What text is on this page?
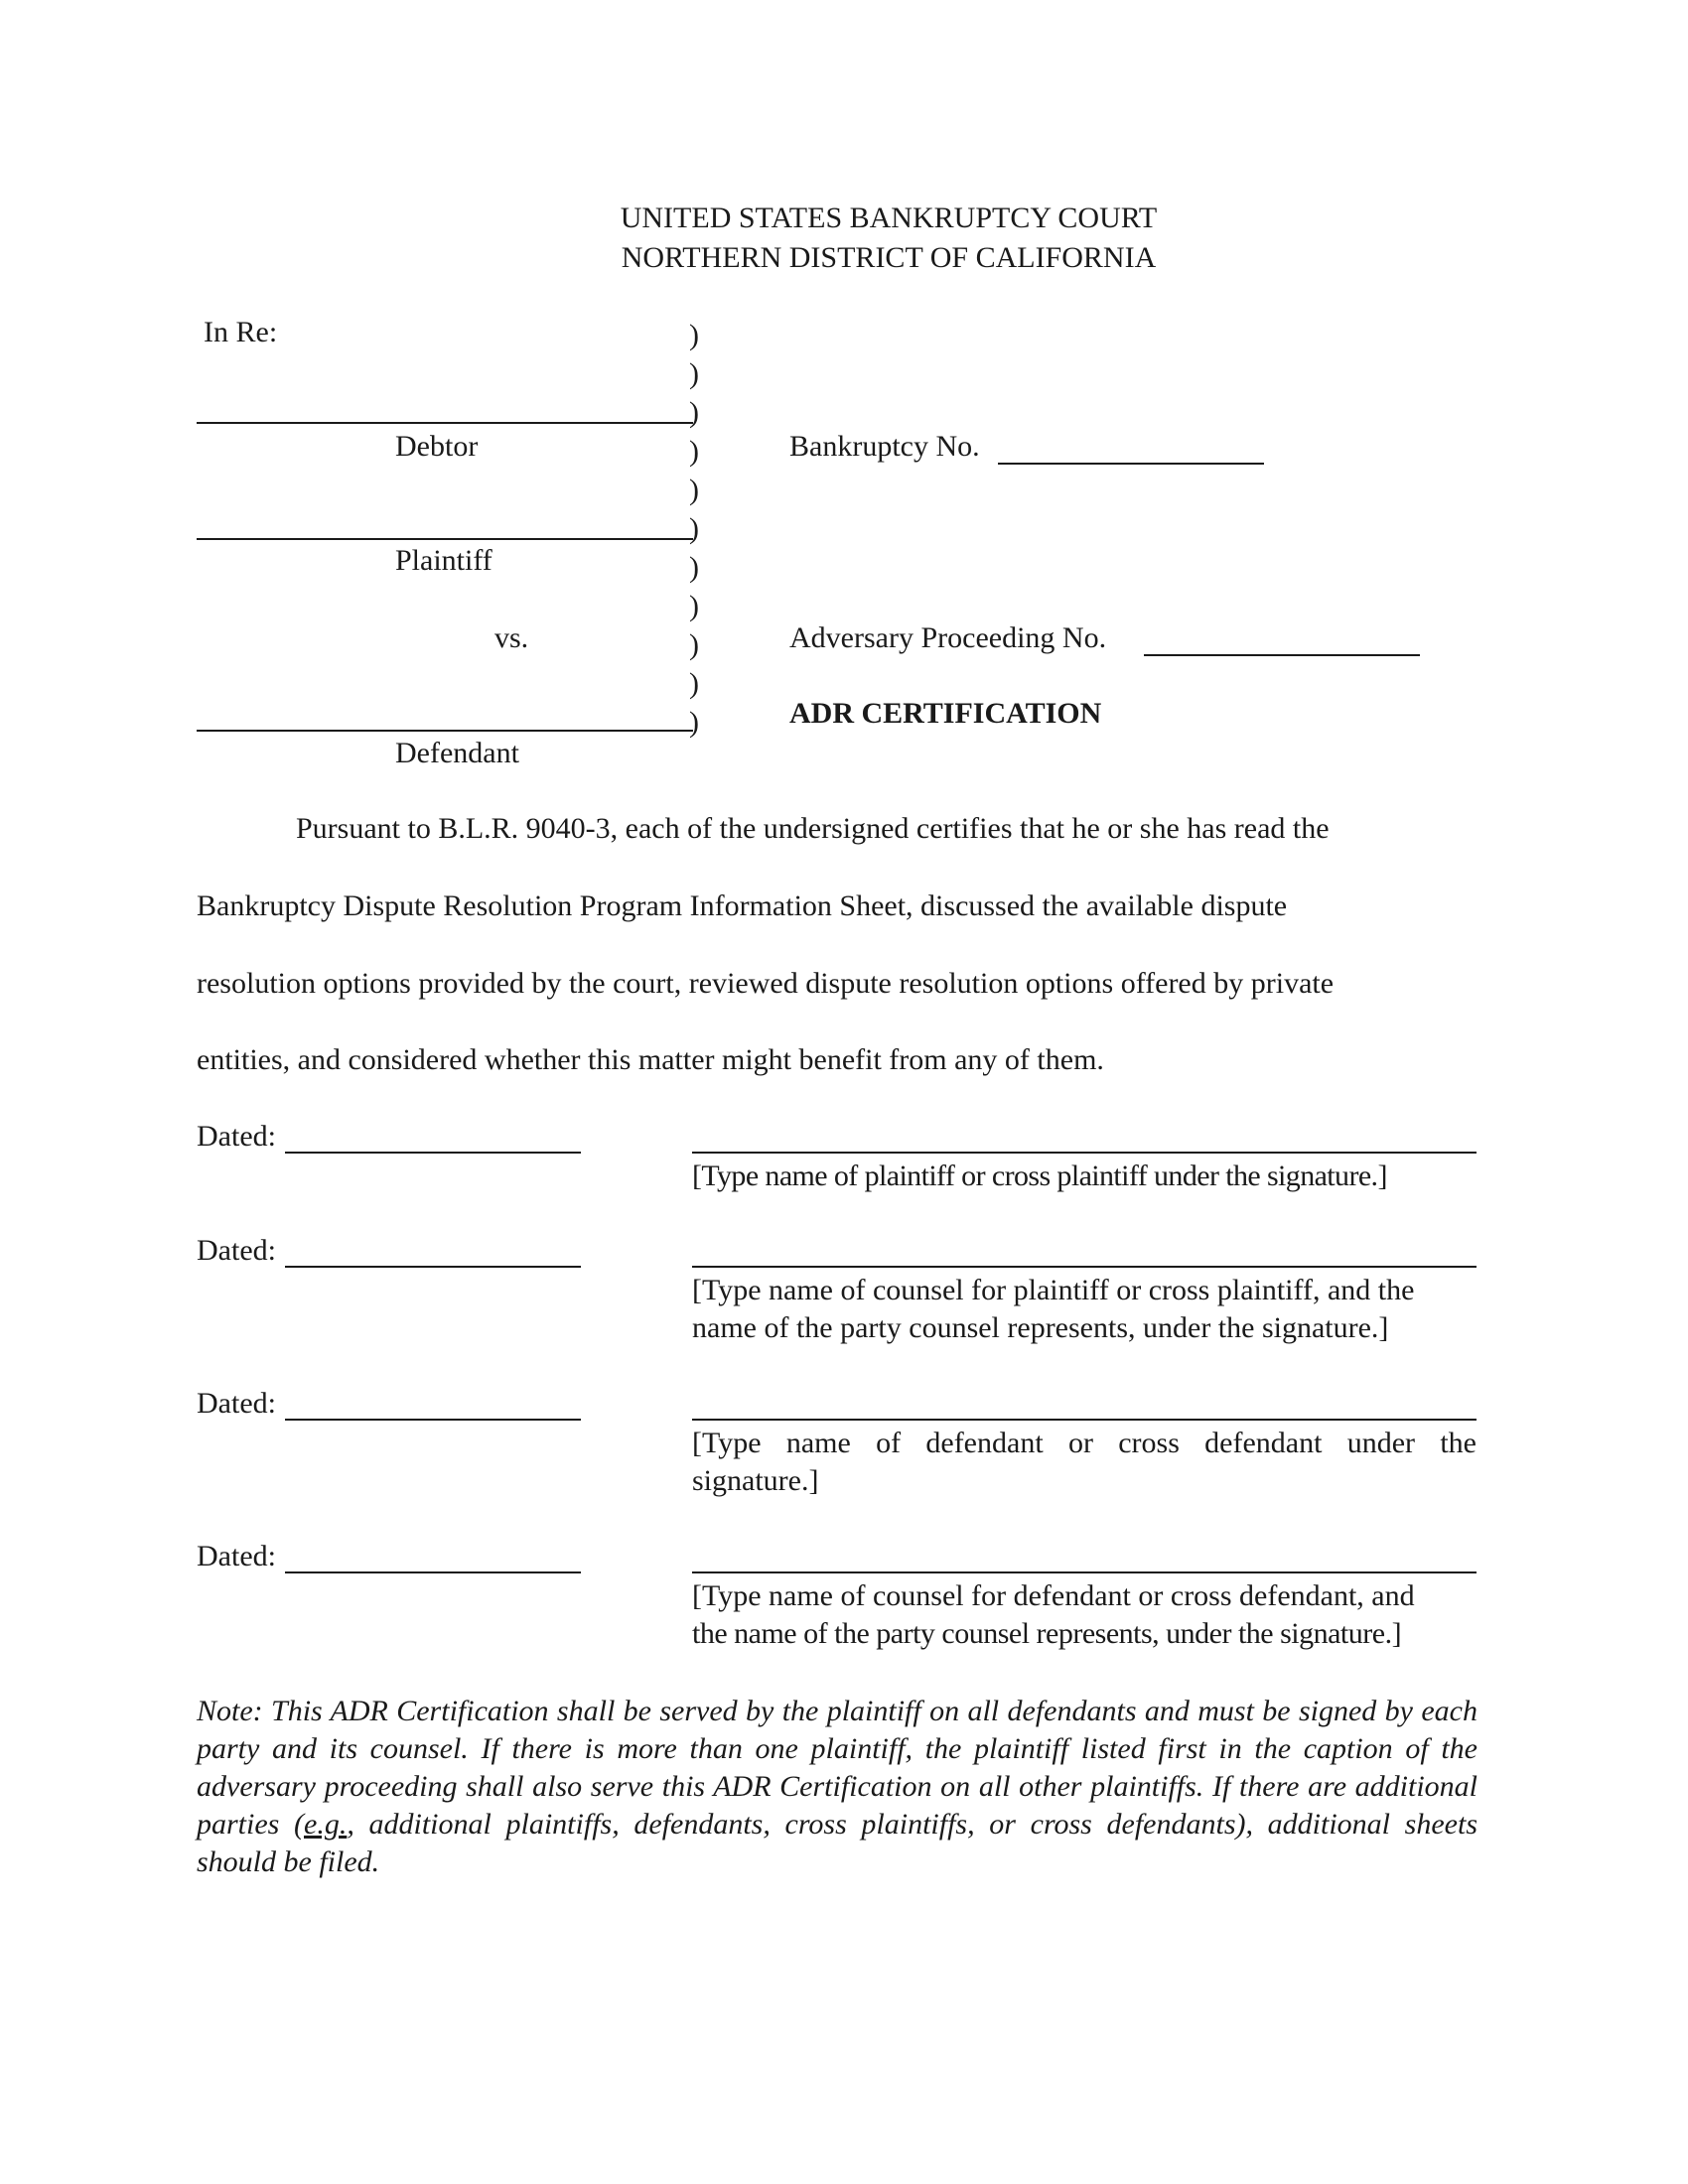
UNITED STATES BANKRUPTCY COURT
NORTHERN DISTRICT OF CALIFORNIA
In Re:
Debtor
Plaintiff
vs.
Defendant
)
)
)
)
)
)
)
)
)
)
)
Bankruptcy No.
Adversary Proceeding No.
ADR CERTIFICATION
Pursuant to B.L.R. 9040-3, each of the undersigned certifies that he or she has read the
Bankruptcy Dispute Resolution Program Information Sheet, discussed the available dispute
resolution options provided by the court, reviewed dispute resolution options offered by private
entities, and considered whether this matter might benefit from any of them.
Dated:
[Type name of plaintiff or cross plaintiff under the signature.]
Dated:
[Type name of counsel for plaintiff or cross plaintiff, and the
name of the party counsel represents, under the signature.]
Dated:
[Type name of defendant or cross defendant under the
signature.]
Dated:
[Type name of counsel for defendant or cross defendant, and
the name of the party counsel represents, under the signature.]
Note: This ADR Certification shall be served by the plaintiff on all defendants and must be signed by each party and its counsel. If there is more than one plaintiff, the plaintiff listed first in the caption of the adversary proceeding shall also serve this ADR Certification on all other plaintiffs. If there are additional parties (e.g., additional plaintiffs, defendants, cross plaintiffs, or cross defendants), additional sheets should be filed.
